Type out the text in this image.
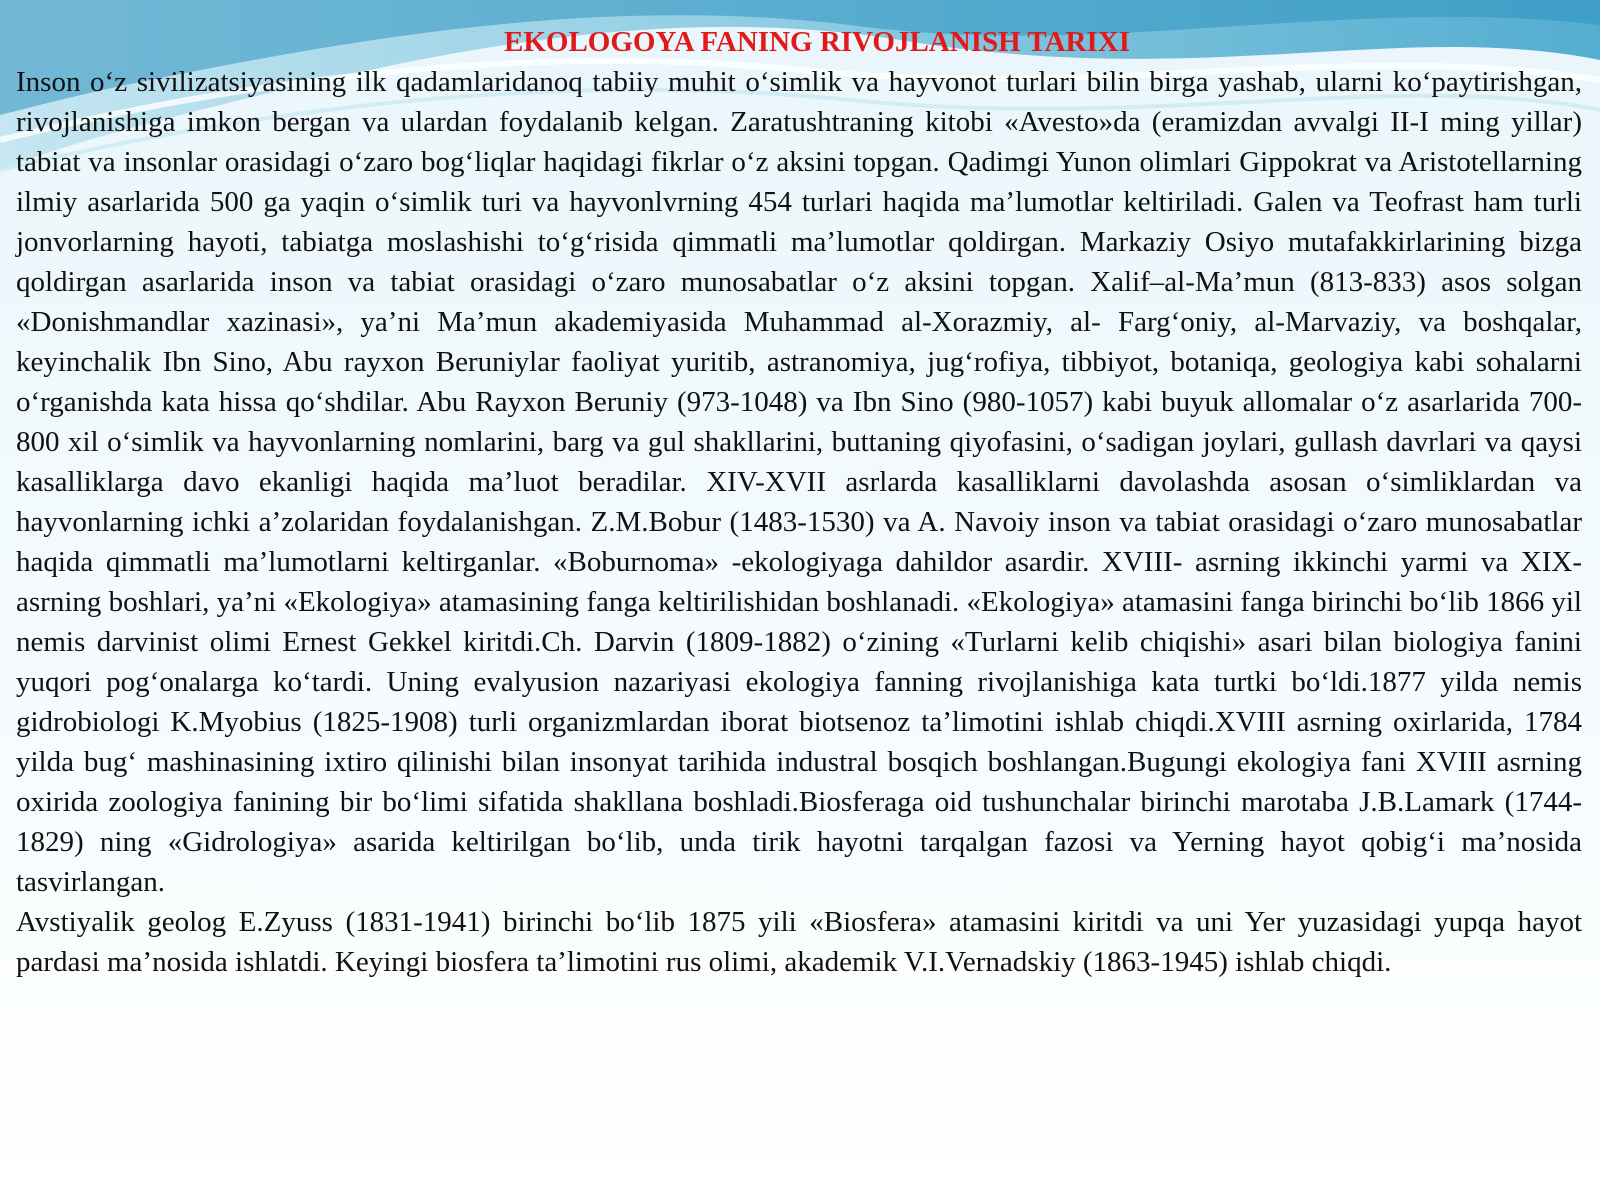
EKOLOGOYA FANING RIVOJLANISH TARIXI

Inson o‘z sivilizatsiyasining ilk qadamlaridanoq tabiiy muhit o‘simlik va hayvonot turlari bilin birga yashab, ularni ko‘paytirishgan, rivojlanishiga imkon bergan va ulardan foydalanib kelgan. Zaratushtraning kitobi «Avesto»da (eramizdan avvalgi II-I ming yillar) tabiat va insonlar orasidagi o‘zaro bog‘liqlar haqidagi fikrlar o‘z aksini topgan. Qadimgi Yunon olimlari Gippokrat va Aristotellarning ilmiy asarlarida 500 ga yaqin o‘simlik turi va hayvonlvrning 454 turlari haqida ma’lumotlar keltiriladi. Galen va Teofrast ham turli jonvorlarning hayoti, tabiatga moslashishi to‘g‘risida qimmatli ma’lumotlar qoldirgan. Markaziy Osiyo mutafakkirlarining bizga qoldirgan asarlarida inson va tabiat orasidagi o‘zaro munosabatlar o‘z aksini topgan. Xalif–al-Ma’mun (813-833) asos solgan «Donishmandlar xazinasi», ya’ni Ma’mun akademiyasida Muhammad al-Xorazmiy, al- Farg‘oniy, al-Marvaziy, va boshqalar, keyinchalik Ibn Sino, Abu rayxon Beruniylar faoliyat yuritib, astranomiya, jug‘rofiya, tibbiyot, botaniqa, geologiya kabi sohalarni o‘rganishda kata hissa qo‘shdilar. Abu Rayxon Beruniy (973-1048) va Ibn Sino (980-1057) kabi buyuk allomalar o‘z asarlarida 700-800 xil o‘simlik va hayvonlarning nomlarini, barg va gul shakllarini, buttaning qiyofasini, o‘sadigan joylari, gullash davrlari va qaysi kasalliklarga davo ekanligi haqida ma’luot beradilar. XIV-XVII asrlarda kasalliklarni davolashda asosan o‘simliklardan va hayvonlarning ichki a’zolaridan foydalanishgan. Z.M.Bobur (1483-1530) va A. Navoiy inson va tabiat orasidagi o‘zaro munosabatlar haqida qimmatli ma’lumotlarni keltirganlar. «Boburnoma» -ekologiyaga dahildor asardir. XVIII- asrning ikkinchi yarmi va XIX-asrning boshlari, ya’ni «Ekologiya» atamasining fanga keltirilishidan boshlanadi. «Ekologiya» atamasini fanga birinchi bo‘lib 1866 yil nemis darvinist olimi Ernest Gekkel kiritdi.Ch. Darvin (1809-1882) o‘zining «Turlarni kelib chiqishi» asari bilan biologiya fanini yuqori pog‘onalarga ko‘tardi. Uning evalyusion nazariyasi ekologiya fanning rivojlanishiga kata turtki bo‘ldi.1877 yilda nemis gidrobiologi K.Myobius (1825-1908) turli organizmlardan iborat biotsenoz ta’limotini ishlab chiqdi.XVIII asrning oxirlarida, 1784 yilda bug‘ mashinasining ixtiro qilinishi bilan insonyat tarihida industral bosqich boshlangan.Bugungi ekologiya fani XVIII asrning oxirida zoologiya fanining bir bo‘limi sifatida shakllana boshladi.Biosferaga oid tushunchalar birinchi marotaba J.B.Lamark (1744-1829) ning «Gidrologiya» asarida keltirilgan bo‘lib, unda tirik hayotni tarqalgan fazosi va Yerning hayot qobig‘i ma’nosida tasvirlangan.

Avstiyalik geolog E.Zyuss (1831-1941) birinchi bo‘lib 1875 yili «Biosfera» atamasini kiritdi va uni Yer yuzasidagi yupqa hayot pardasi ma’nosida ishlatdi. Keyingi biosfera ta’limotini rus olimi, akademik V.I.Vernadskiy (1863-1945) ishlab chiqdi.
